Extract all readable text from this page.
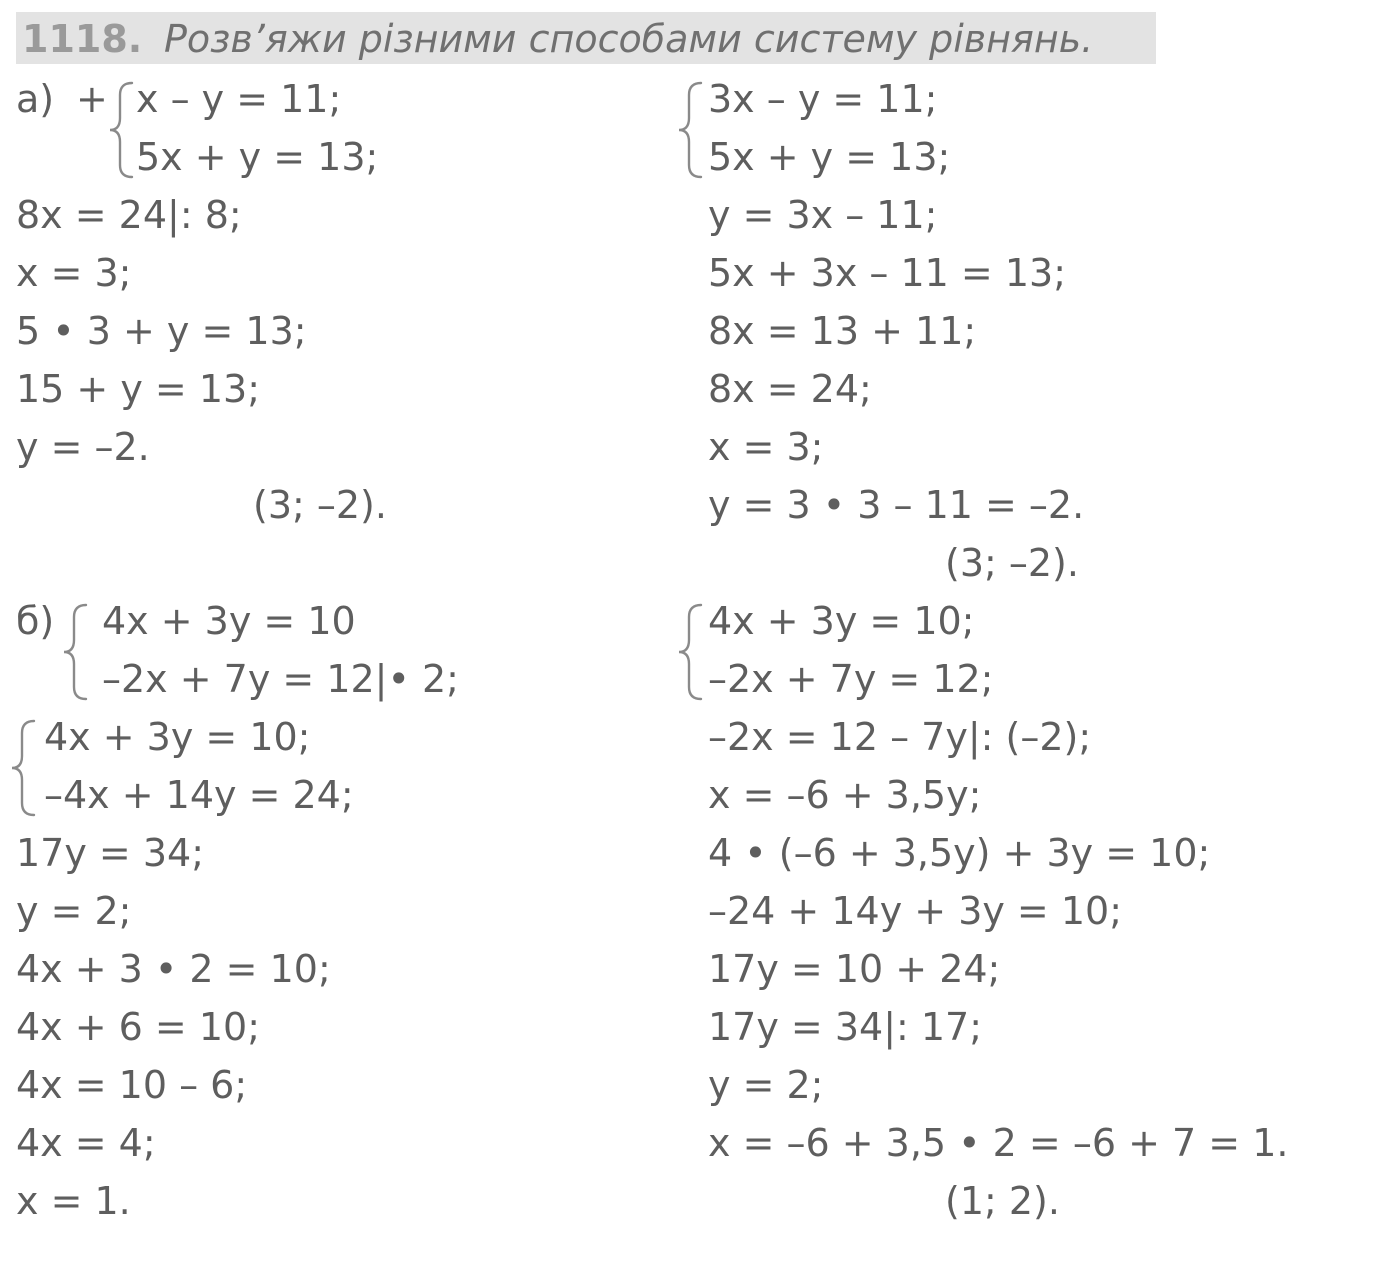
1118. Розв’яжи різними способами систему рівнянь.
а) + x – y = 11;
5x + y = 13;
8x = 24|: 8;
x = 3;
5 • 3 + y = 13;
15 + y = 13;
y = –2.
(3; –2).
3x – y = 11;
5x + y = 13;
y = 3x – 11;
5x + 3x – 11 = 13;
8x = 13 + 11;
8x = 24;
x = 3;
y = 3 • 3 – 11 = –2.
(3; –2).
б) 4x + 3y = 10
–2x + 7y = 12|• 2;
4x + 3y = 10;
–4x + 14y = 24;
17y = 34;
y = 2;
4x + 3 • 2 = 10;
4x + 6 = 10;
4x = 10 – 6;
4x = 4;
x = 1.
4x + 3y = 10;
–2x + 7y = 12;
–2x = 12 – 7y|: (–2);
x = –6 + 3,5y;
4 • (–6 + 3,5y) + 3y = 10;
–24 + 14y + 3y = 10;
17y = 10 + 24;
17y = 34|: 17;
y = 2;
x = –6 + 3,5 • 2 = –6 + 7 = 1.
(1; 2).
